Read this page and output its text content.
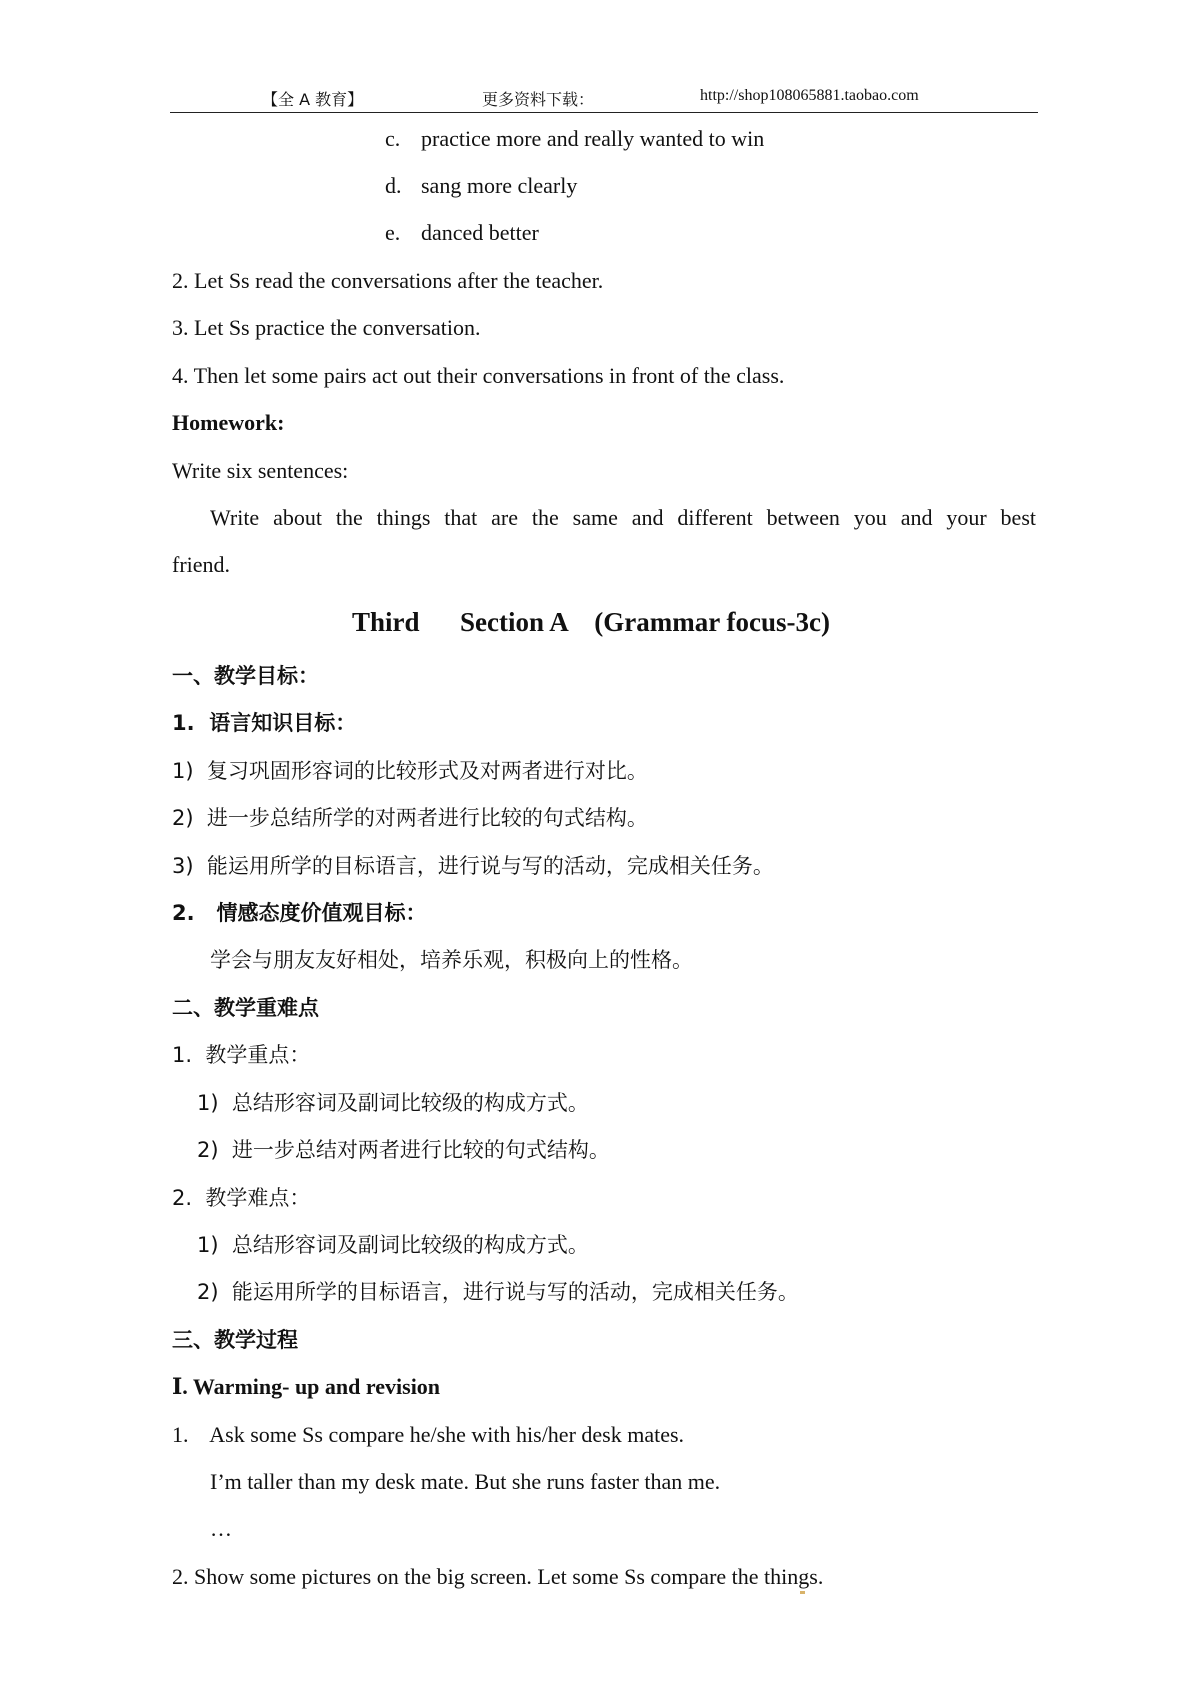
【全 A 教育】	更多资料下载：	http://shop108065881.taobao.com
c. practice more and really wanted to win
d. sang more clearly
e. danced better
2. Let Ss read the conversations after the teacher.
3. Let Ss practice the conversation.
4. Then let some pairs act out their conversations in front of the class.
Homework:
Write six sentences:
Write about the things that are the same and different between you and your best
friend.
Third      Section A    (Grammar focus-3c)
一、教学目标：
1.  语言知识目标：
1)  复习巩固形容词的比较形式及对两者进行对比。
2)  进一步总结所学的对两者进行比较的句式结构。
3)  能运用所学的目标语言，进行说与写的活动，完成相关任务。
2.   情感态度价值观目标：
学会与朋友友好相处，培养乐观，积极向上的性格。
二、教学重难点
1.  教学重点：
1)  总结形容词及副词比较级的构成方式。
2)  进一步总结对两者进行比较的句式结构。
2.  教学难点：
1)  总结形容词及副词比较级的构成方式。
2)  能运用所学的目标语言，进行说与写的活动，完成相关任务。
三、教学过程
Ⅰ. Warming- up and revision
1.    Ask some Ss compare he/she with his/her desk mates.
I’m taller than my desk mate. But she runs faster than me.
…
2. Show some pictures on the big screen. Let some Ss compare the things.
